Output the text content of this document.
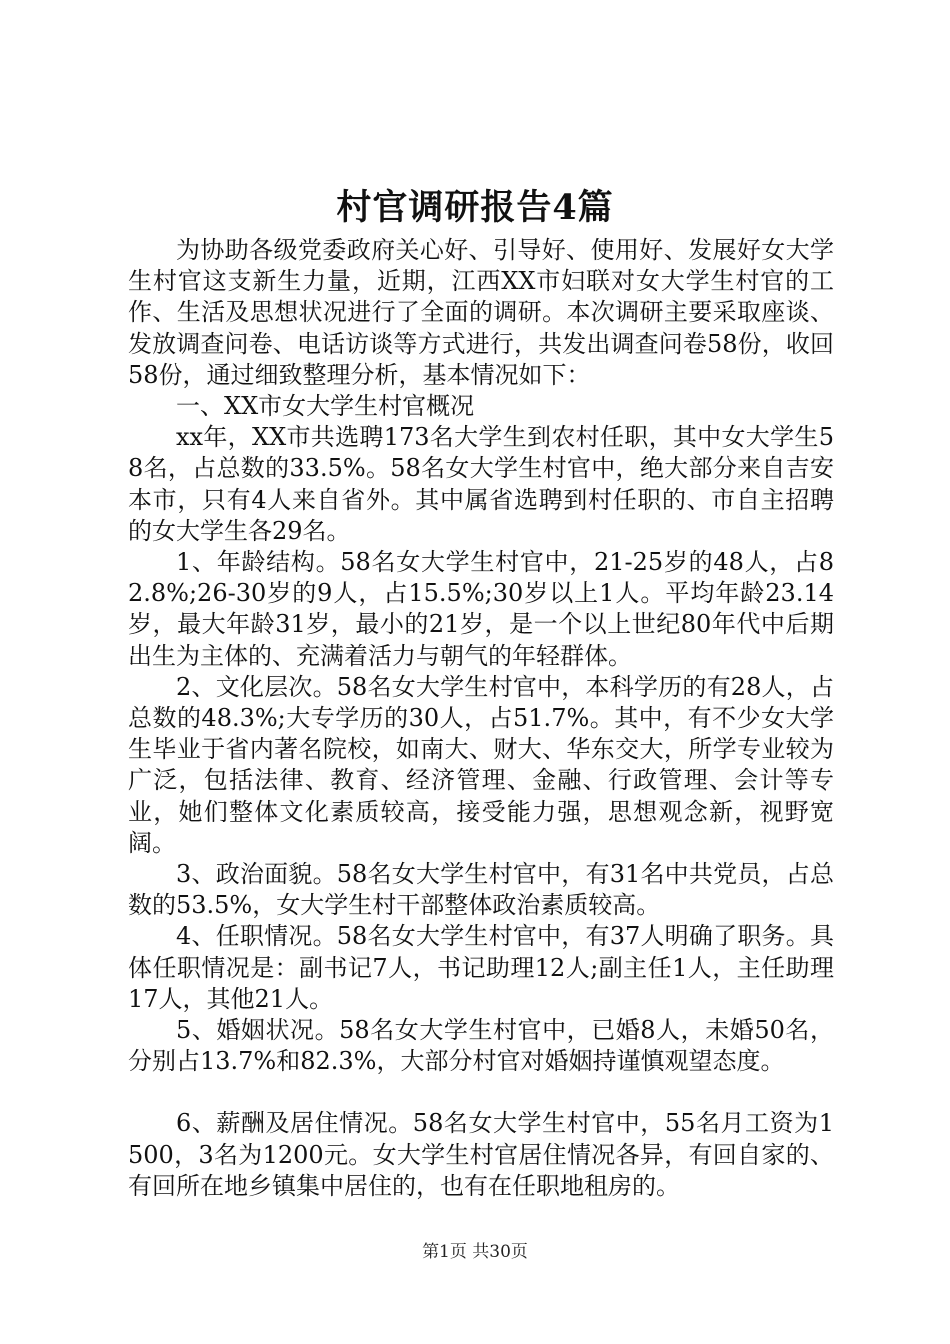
村官调研报告4篇

为协助各级党委政府关心好、引导好、使用好、发展好女大学生村官这支新生力量，近期，江西XX市妇联对女大学生村官的工作、生活及思想状况进行了全面的调研。本次调研主要采取座谈、发放调查问卷、电话访谈等方式进行，共发出调查问卷58份，收回58份，通过细致整理分析，基本情况如下：

一、XX市女大学生村官概况

xx年，XX市共选聘173名大学生到农村任职，其中女大学生58名，占总数的33.5%。58名女大学生村官中，绝大部分来自吉安本市，只有4人来自省外。其中属省选聘到村任职的、市自主招聘的女大学生各29名。

1、年龄结构。58名女大学生村官中，21-25岁的48人，占82.8%;26-30岁的9人，占15.5%;30岁以上1人。平均年龄23.14岁，最大年龄31岁，最小的21岁，是一个以上世纪80年代中后期出生为主体的、充满着活力与朝气的年轻群体。

2、文化层次。58名女大学生村官中，本科学历的有28人，占总数的48.3%;大专学历的30人，占51.7%。其中，有不少女大学生毕业于省内著名院校，如南大、财大、华东交大，所学专业较为广泛，包括法律、教育、经济管理、金融、行政管理、会计等专业，她们整体文化素质较高，接受能力强，思想观念新，视野宽阔。

3、政治面貌。58名女大学生村官中，有31名中共党员，占总数的53.5%，女大学生村干部整体政治素质较高。

4、任职情况。58名女大学生村官中，有37人明确了职务。具体任职情况是：副书记7人，书记助理12人;副主任1人，主任助理17人，其他21人。

5、婚姻状况。58名女大学生村官中，已婚8人，未婚50名，分别占13.7%和82.3%，大部分村官对婚姻持谨慎观望态度。

6、薪酬及居住情况。58名女大学生村官中，55名月工资为1500，3名为1200元。女大学生村官居住情况各异，有回自家的、有回所在地乡镇集中居住的，也有在任职地租房的。

第1页 共30页
